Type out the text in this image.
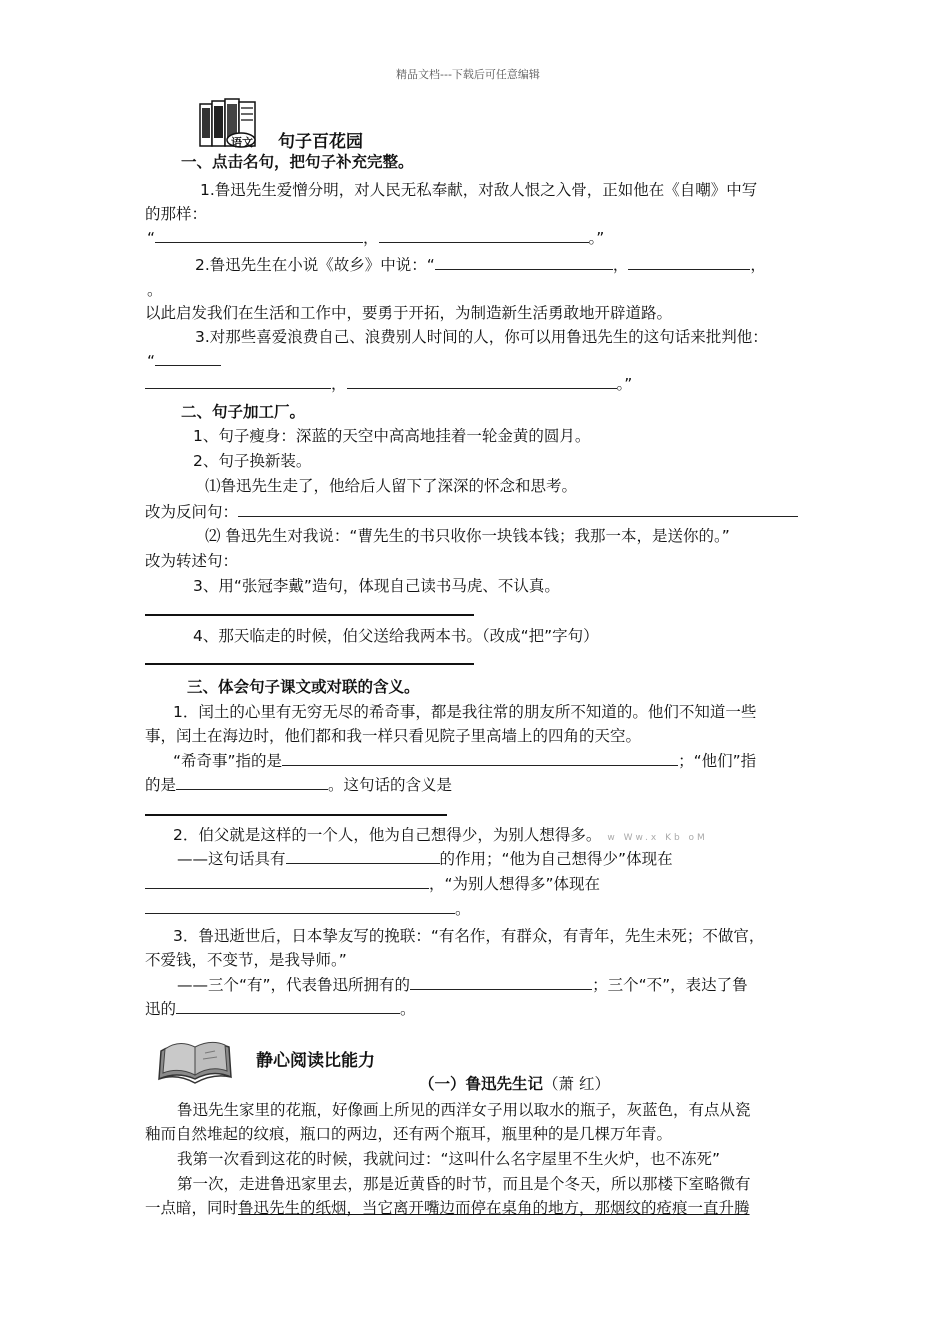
精品文档---下载后可任意编辑
语文 句子百花园
一、点击名句，把句子补充完整。
1.鲁迅先生爱憎分明，对人民无私奉献，对敌人恨之入骨，正如他在《自嘲》中写
的那样：
“	，	。”
2.鲁迅先生在小说《故乡》中说：“	，	，
。
以此启发我们在生活和工作中，要勇于开拓，为制造新生活勇敢地开辟道路。
3.对那些喜爱浪费自己、浪费别人时间的人，你可以用鲁迅先生的这句话来批判他：
“
，	。”
二、句子加工厂。
1、句子瘦身：深蓝的天空中高高地挂着一轮金黄的圆月。
2、句子换新装。
⑴鲁迅先生走了，他给后人留下了深深的怀念和思考。
改为反问句：
⑵ 鲁迅先生对我说：“曹先生的书只收你一块钱本钱；我那一本，是送你的。”
改为转述句：
3、用“张冠李戴”造句，体现自己读书马虎、不认真。
4、那天临走的时候，伯父送给我两本书。（改成“把”字句）
三、体会句子课文或对联的含义。
1．闰土的心里有无穷无尽的希奇事，都是我往常的朋友所不知道的。他们不知道一些
事，闰土在海边时，他们都和我一样只看见院子里高墙上的四角的天空。
“希奇事”指的是	；“他们”指
的是	。这句话的含义是
2．伯父就是这样的一个人，他为自己想得少，为别人想得多。 w Ww.x Kb oM
——这句话具有	的作用；“他为自己想得少”体现在
，“为别人想得多”体现在
。
3．鲁迅逝世后，日本挚友写的挽联：“有名作，有群众，有青年，先生未死；不做官，
不爱钱，不变节，是我导师。”
——三个“有”，代表鲁迅所拥有的	；三个“不”，表达了鲁
迅的	。
静心阅读比能力
（一）鲁迅先生记（萧 红）
鲁迅先生家里的花瓶，好像画上所见的西洋女子用以取水的瓶子，灰蓝色，有点从瓷
釉而自然堆起的纹痕，瓶口的两边，还有两个瓶耳，瓶里种的是几棵万年青。
我第一次看到这花的时候，我就问过：“这叫什么名字屋里不生火炉，也不冻死”
第一次，走进鲁迅家里去，那是近黄昏的时节，而且是个冬天，所以那楼下室略微有
一点暗，同时鲁迅先生的纸烟，当它离开嘴边而停在桌角的地方，那烟纹的疮痕一直升腾
